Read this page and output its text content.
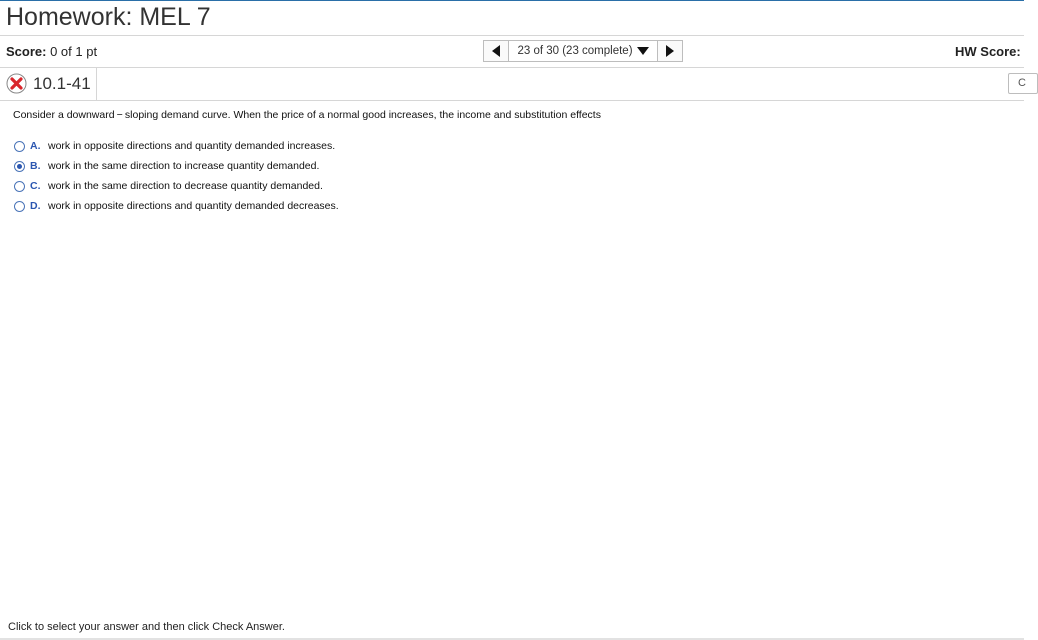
Homework: MEL 7
Score: 0 of 1 pt	23 of 30 (23 complete)	HW Score:
10.1-41	C
Consider a downward − sloping demand curve. When the price of a normal good increases, the income and substitution effects
A. work in opposite directions and quantity demanded increases.
B. work in the same direction to increase quantity demanded.
C. work in the same direction to decrease quantity demanded.
D. work in opposite directions and quantity demanded decreases.
Click to select your answer and then click Check Answer.
